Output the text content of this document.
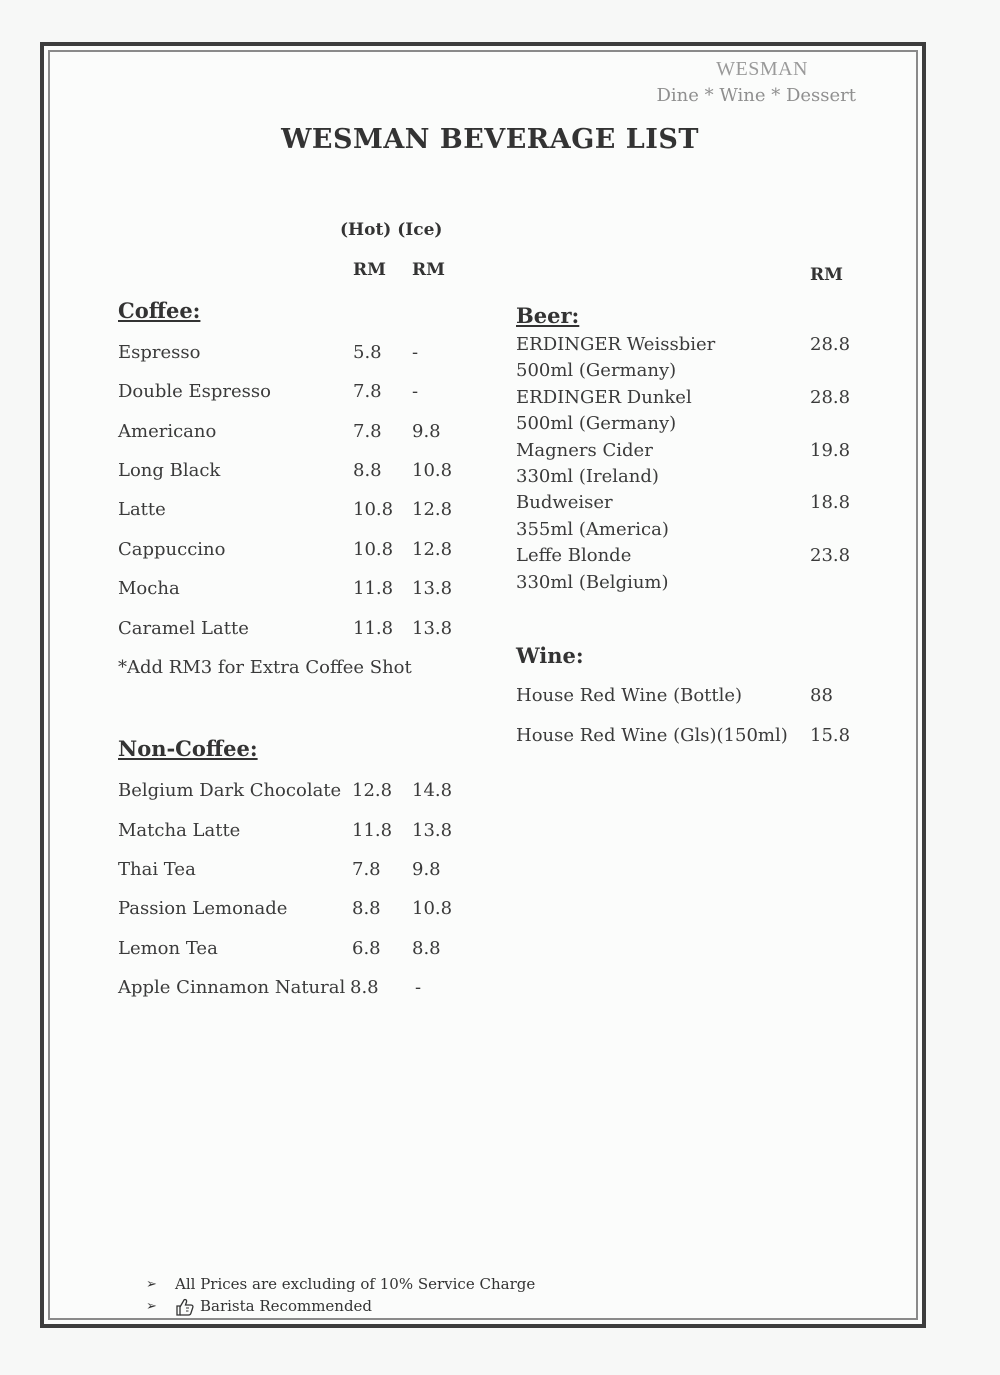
WESMAN
Dine * Wine * Dessert
WESMAN BEVERAGE LIST
(Hot) (Ice)
RM RM
Coffee:
Espresso	5.8 -
Double Espresso	7.8 -
Americano	7.8 9.8
Long Black	8.8 10.8
Latte	10.8 12.8
Cappuccino	10.8 12.8
Mocha	11.8 13.8
Caramel Latte	11.8 13.8
*Add RM3 for Extra Coffee Shot
Non-Coffee:
Belgium Dark Chocolate 12.8 14.8
Matcha Latte	11.8 13.8
Thai Tea	7.8 9.8
Passion Lemonade	8.8 10.8
Lemon Tea	6.8 8.8
Apple Cinnamon Natural 8.8 -
RM
Beer:
ERDINGER Weissbier
500ml (Germany)
28.8
ERDINGER Dunkel
500ml (Germany)
28.8
Magners Cider
330ml (Ireland)
19.8
Budweiser
355ml (America)
18.8
Leffe Blonde
330ml (Belgium)
23.8
Wine:
House Red Wine (Bottle)	88
House Red Wine (Gls)(150ml) 15.8
➢ All Prices are excluding of 10% Service Charge
➢	Barista Recommended
